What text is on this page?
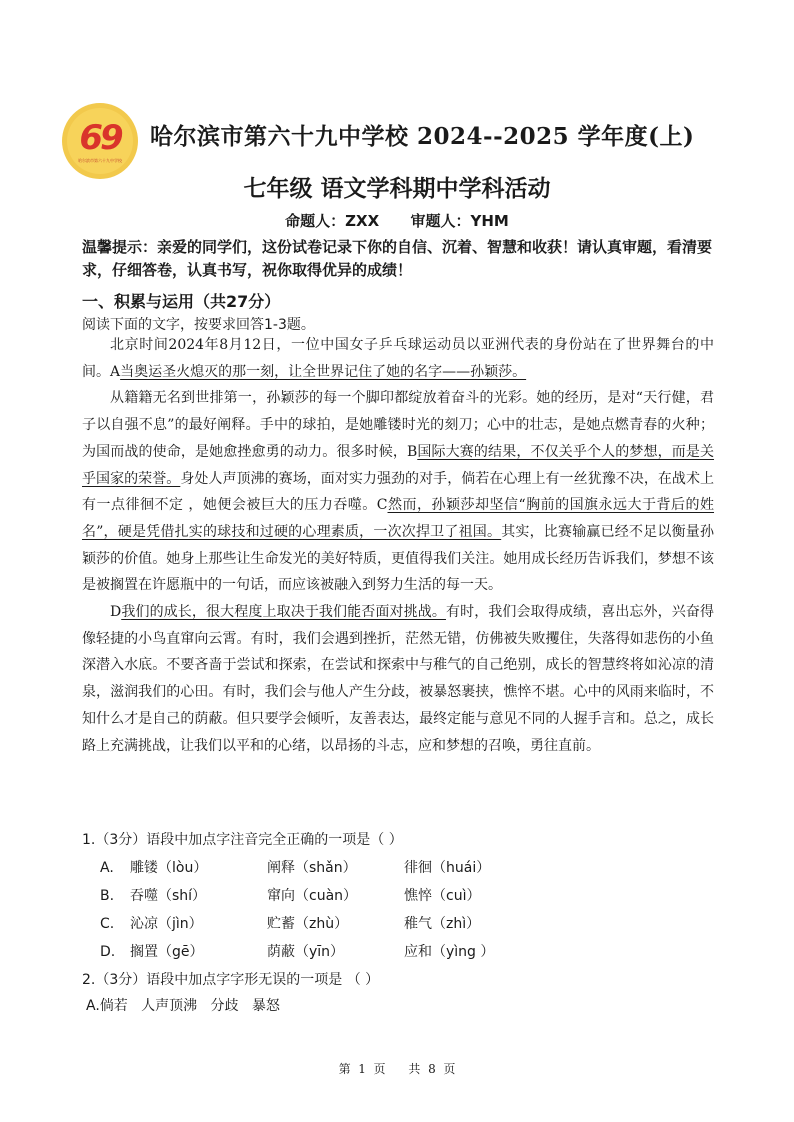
69
哈尔滨市第六十九中学校
哈尔滨市第六十九中学校 2024--2025 学年度(上)
七年级 语文学科期中学科活动
命题人：ZXX      审题人：YHM
温馨提示：亲爱的同学们，这份试卷记录下你的自信、沉着、智慧和收获！请认真审题，看清要求，仔细答卷，认真书写，祝你取得优异的成绩！
一、积累与运用（共27分）
阅读下面的文字，按要求回答1-3题。

北京时间2024年8月12日，一位中国女子乒乓球运动员以亚洲代表的身份站在了世界舞台的中间。A当奥运圣火熄灭的那一刻，让全世界记住了她的名字——孙颖莎。

从籍籍无名到世排第一，孙颖莎的每一个脚印都绽放着奋斗的光彩。她的经历，是对“天行健，君子以自强不息”的最好阐释。手中的球拍，是她雕镂时光的刻刀；心中的壮志，是她点燃青春的火种；为国而战的使命，是她愈挫愈勇的动力。很多时候，B国际大赛的结果，不仅关乎个人的梦想，而是关乎国家的荣誉。身处人声顶沸的赛场，面对实力强劲的对手，倘若在心理上有一丝犹豫不决，在战术上有一点徘徊不定 ，她便会被巨大的压力吞噬。C然而，孙颖莎却坚信“胸前的国旗永远大于背后的姓名”，硬是凭借扎实的球技和过硬的心理素质，一次次捍卫了祖国。其实，比赛输赢已经不足以衡量孙颖莎的价值。她身上那些让生命发光的美好特质，更值得我们关注。她用成长经历告诉我们，梦想不该是被搁置在许愿瓶中的一句话，而应该被融入到努力生活的每一天。

D我们的成长，很大程度上取决于我们能否面对挑战。有时，我们会取得成绩，喜出忘外，兴奋得像轻捷的小鸟直窜向云霄。有时，我们会遇到挫折，茫然无错，仿佛被失败攫住，失落得如悲伤的小鱼深潜入水底。不要吝啬于尝试和探索，在尝试和探索中与稚气的自己绝别，成长的智慧终将如沁凉的清泉，滋润我们的心田。有时，我们会与他人产生分歧，被暴怒裹挟，憔悴不堪。心中的风雨来临时，不知什么才是自己的荫蔽。但只要学会倾听，友善表达，最终定能与意见不同的人握手言和。总之，成长路上充满挑战，让我们以平和的心绪，以昂扬的斗志，应和梦想的召唤，勇往直前。

1.（3分）语段中加点字注音完全正确的一项是（ ）
A.	雕镂（lòu）	阐释（shǎn）	徘徊（huái）
B.	吞噬（shí）	窜向（cuàn）	憔悴（cuì）
C.	沁凉（jìn）	贮蓄（zhù）	稚气（zhì）
D.	搁置（gē）	荫蔽（yīn）	应和（yìng ）
2.（3分）语段中加点字字形无误的一项是 （ ）
A.倘若   人声顶沸   分歧   暴怒
第  1  页      共  8  页
